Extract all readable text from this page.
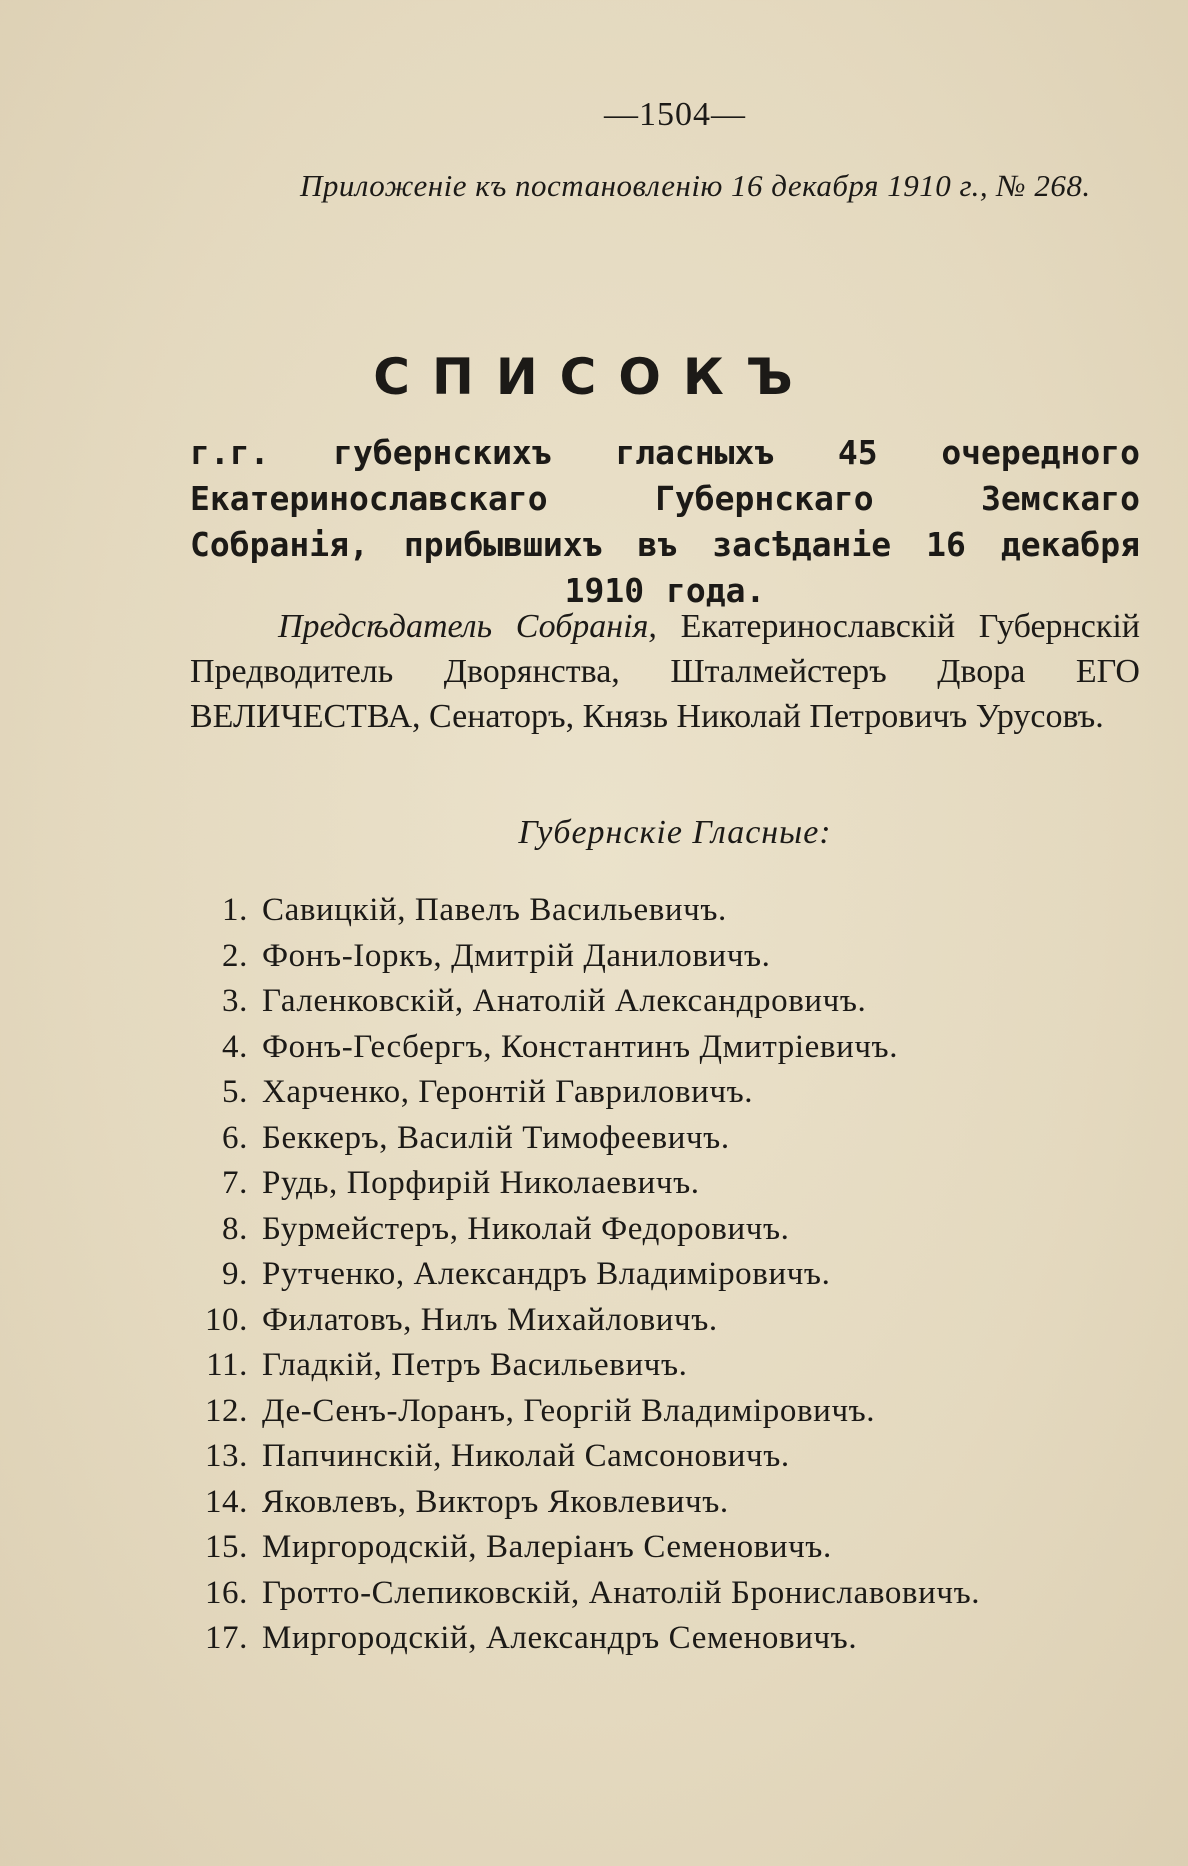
—1504—
Приложеніе къ постановленію 16 декабря 1910 г., № 268.
СПИСОКЪ
г.г. губернскихъ гласныхъ 45 очередного Екатеринославскаго Губернскаго Земскаго Собранія, прибывшихъ въ засѣданіе 16 декабря 1910 года.
Предсѣдатель Собранія, Екатеринославскій Губернскій Предводитель Дворянства, Шталмейстеръ Двора ЕГО ВЕЛИЧЕСТВА, Сенаторъ, Князь Николай Петровичъ Урусовъ.
Губернскіе Гласные:
1. Савицкій, Павелъ Васильевичъ.
2. Фонъ-Іоркъ, Дмитрій Даниловичъ.
3. Галенковскій, Анатолій Александровичъ.
4. Фонъ-Гесбергъ, Константинъ Дмитріевичъ.
5. Харченко, Геронтій Гавриловичъ.
6. Беккеръ, Василій Тимофеевичъ.
7. Рудь, Порфирій Николаевичъ.
8. Бурмейстеръ, Николай Федоровичъ.
9. Рутченко, Александръ Владиміровичъ.
10. Филатовъ, Нилъ Михайловичъ.
11. Гладкій, Петръ Васильевичъ.
12. Де-Сенъ-Лоранъ, Георгій Владиміровичъ.
13. Папчинскій, Николай Самсоновичъ.
14. Яковлевъ, Викторъ Яковлевичъ.
15. Миргородскій, Валеріанъ Семеновичъ.
16. Гротто-Слепиковскій, Анатолій Брониславовичъ.
17. Миргородскій, Александръ Семеновичъ.
